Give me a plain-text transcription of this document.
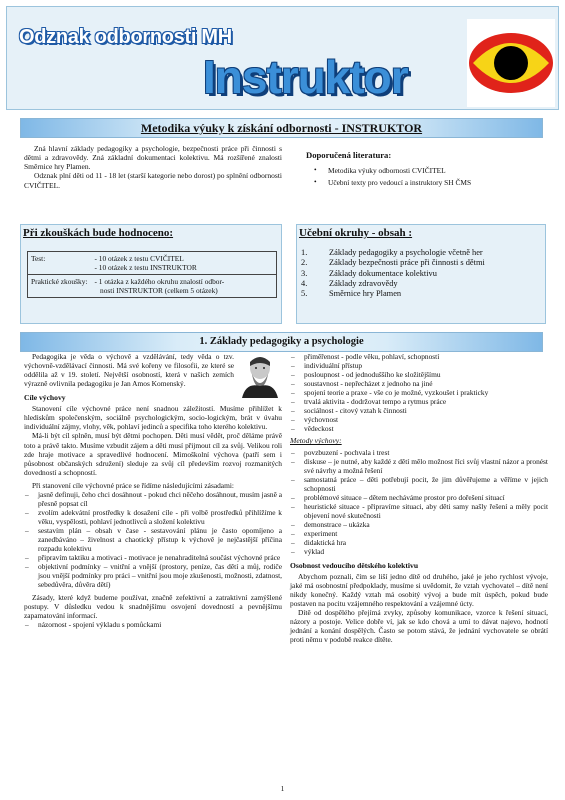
Odznak odbornosti MH
Instruktor
Metodika výuky k získání odbornosti - INSTRUKTOR

Zná hlavní základy pedagogiky a psychologie, bezpečnosti práce při činnosti s dětmi a zdravovědy. Zná základní dokumentaci kolektivu. Má rozšířené znalosti Směrnice hry Plamen.

Odznak plní děti od 11 - 18 let (starší kategorie nebo dorost) po splnění odbornosti CVIČITEL.

Doporučená literatura:
• Metodika výuky odbornosti CVIČITEL
• Učební texty pro vedoucí a instruktory SH ČMS
Při zkouškách bude hodnoceno:
Test:	- 10 otázek z testu CVIČITEL
- 10 otázek z testu INSTRUKTOR

Praktické zkoušky:	- 1 otázka z každého okruhu znalostí odbor-
nosti INSTRUKTOR (celkem 5 otázek)
Učební okruhy - obsah :
1.	Základy pedagogiky a psychologie včetně her
2.	Základy bezpečnosti práce při činnosti s dětmi
3.	Základy dokumentace kolektivu
4.	Základy zdravovědy
5.	Směrnice hry Plamen
1. Základy pedagogiky a psychologie

Pedagogika je věda o výchově a vzdělávání, tedy věda o tzv. výchovně-vzdělávací činnosti. Má své kořeny ve filosofii, ze které se oddělila až v 19. století. Největší osobností, která v našich zemích výrazně ovlivnila pedagogiku je Jan Amos Komenský.

Cíle výchovy

Stanovení cíle výchovné práce není snadnou záležitostí. Musíme přihlížet k hlediskům společenským, sociálně psychologickým, socio-logickým, brát v úvahu individuální zájmy, vlohy, věk, pohlaví jedinců a specifika toho kterého kolektivu.

Má-li být cíl splněn, musí být dětmi pochopen. Děti musí vědět, proč děláme právě toto a právě takto. Musíme vzbudit zájem a děti musí přijmout cíl za svůj. Velikou roli zde hraje motivace a spravedlivé hodnocení. Mimoškolní výchova (patří sem i působnost občanských sdružení) sleduje za svůj cíl především rozvoj rozmanitých dovedností a schopností.

Při stanovení cíle výchovné práce se řídíme následujícími zásadami:

– jasně definuji, čeho chci dosáhnout - pokud chci něčeho dosáhnout, musím jasně a přesně popsat cíl
– zvolím adekvátní prostředky k dosažení cíle - při volbě prostředků přihlížíme k věku, vyspělosti, pohlaví jednotlivců a složení kolektivu
– sestavím plán – obsah v čase - sestavování plánu je často opomíjeno a zanedbáváno – živelnost a chaotický přístup k výchově je nejčastější příčina rozpadu kolektivu
– připravím taktiku a motivaci - motivace je nenahraditelná součást výchovné práce
– objektivní podmínky – vnitřní a vnější (prostory, peníze, čas dětí a můj, rodiče jsou vnější podmínky pro práci – vnitřní jsou moje zkušenosti, možnosti, zdatnost, sebedůvěra, důvěra dětí)

Zásady, které když budeme používat, značně zefektivní a zatraktivní zamýšlené postupy. V důsledku vedou k snadnějšímu osvojení dovedností a pevnějšímu zapamatování informací.

– názornost - spojení výkladu s pomůckami
– přiměřenost - podle věku, pohlaví, schopností
– individuální přístup
– posloupnost - od jednoduššího ke složitějšímu
– soustavnost - nepřecházet z jednoho na jiné
– spojení teorie a praxe - vše co je možné, vyzkoušet i prakticky
– trvalá aktivita - dodržovat tempo a rytmus práce
– sociálnost - citový vztah k činnosti
– výchovnost
– vědeckost
Metody výchovy:
– povzbuzení - pochvala i trest
– diskuse – je nutné, aby každé z dětí mělo možnost říci svůj vlastní názor a pronést své návrhy a možná řešení
– samostatná práce – děti potřebují pocit, že jim důvěřujeme a věříme v jejich schopnosti
– problémové situace – dětem necháváme prostor pro dořešení situací
– heuristické situace - připravíme situaci, aby děti samy našly řešení a měly pocit objevení nové skutečnosti
– demonstrace – ukázka
– experiment
– didaktická hra
– výklad
Osobnost vedoucího dětského kolektivu

Abychom poznali, čím se liší jedno dítě od druhého, jaké je jeho rychlost vývoje, jaké má osobnostní předpoklady, musíme si uvědomit, že vztah vychovatel – dítě není nikdy konečný. Každý vztah má osobitý vývoj a bude mít úspěch, pokud bude postaven na pocitu vzájemného respektování a vzájemné úcty.

Dítě od dospělého přejímá zvyky, způsoby komunikace, vzorce k řešení situací, názory a postoje. Velice dobře ví, jak se kdo chová a umí to dávat najevo, hodnotí jednání a konání dospělých. Často se potom stává, že jednání vychovatele se obrátí proti němu v podobě reakce dítěte.

1
